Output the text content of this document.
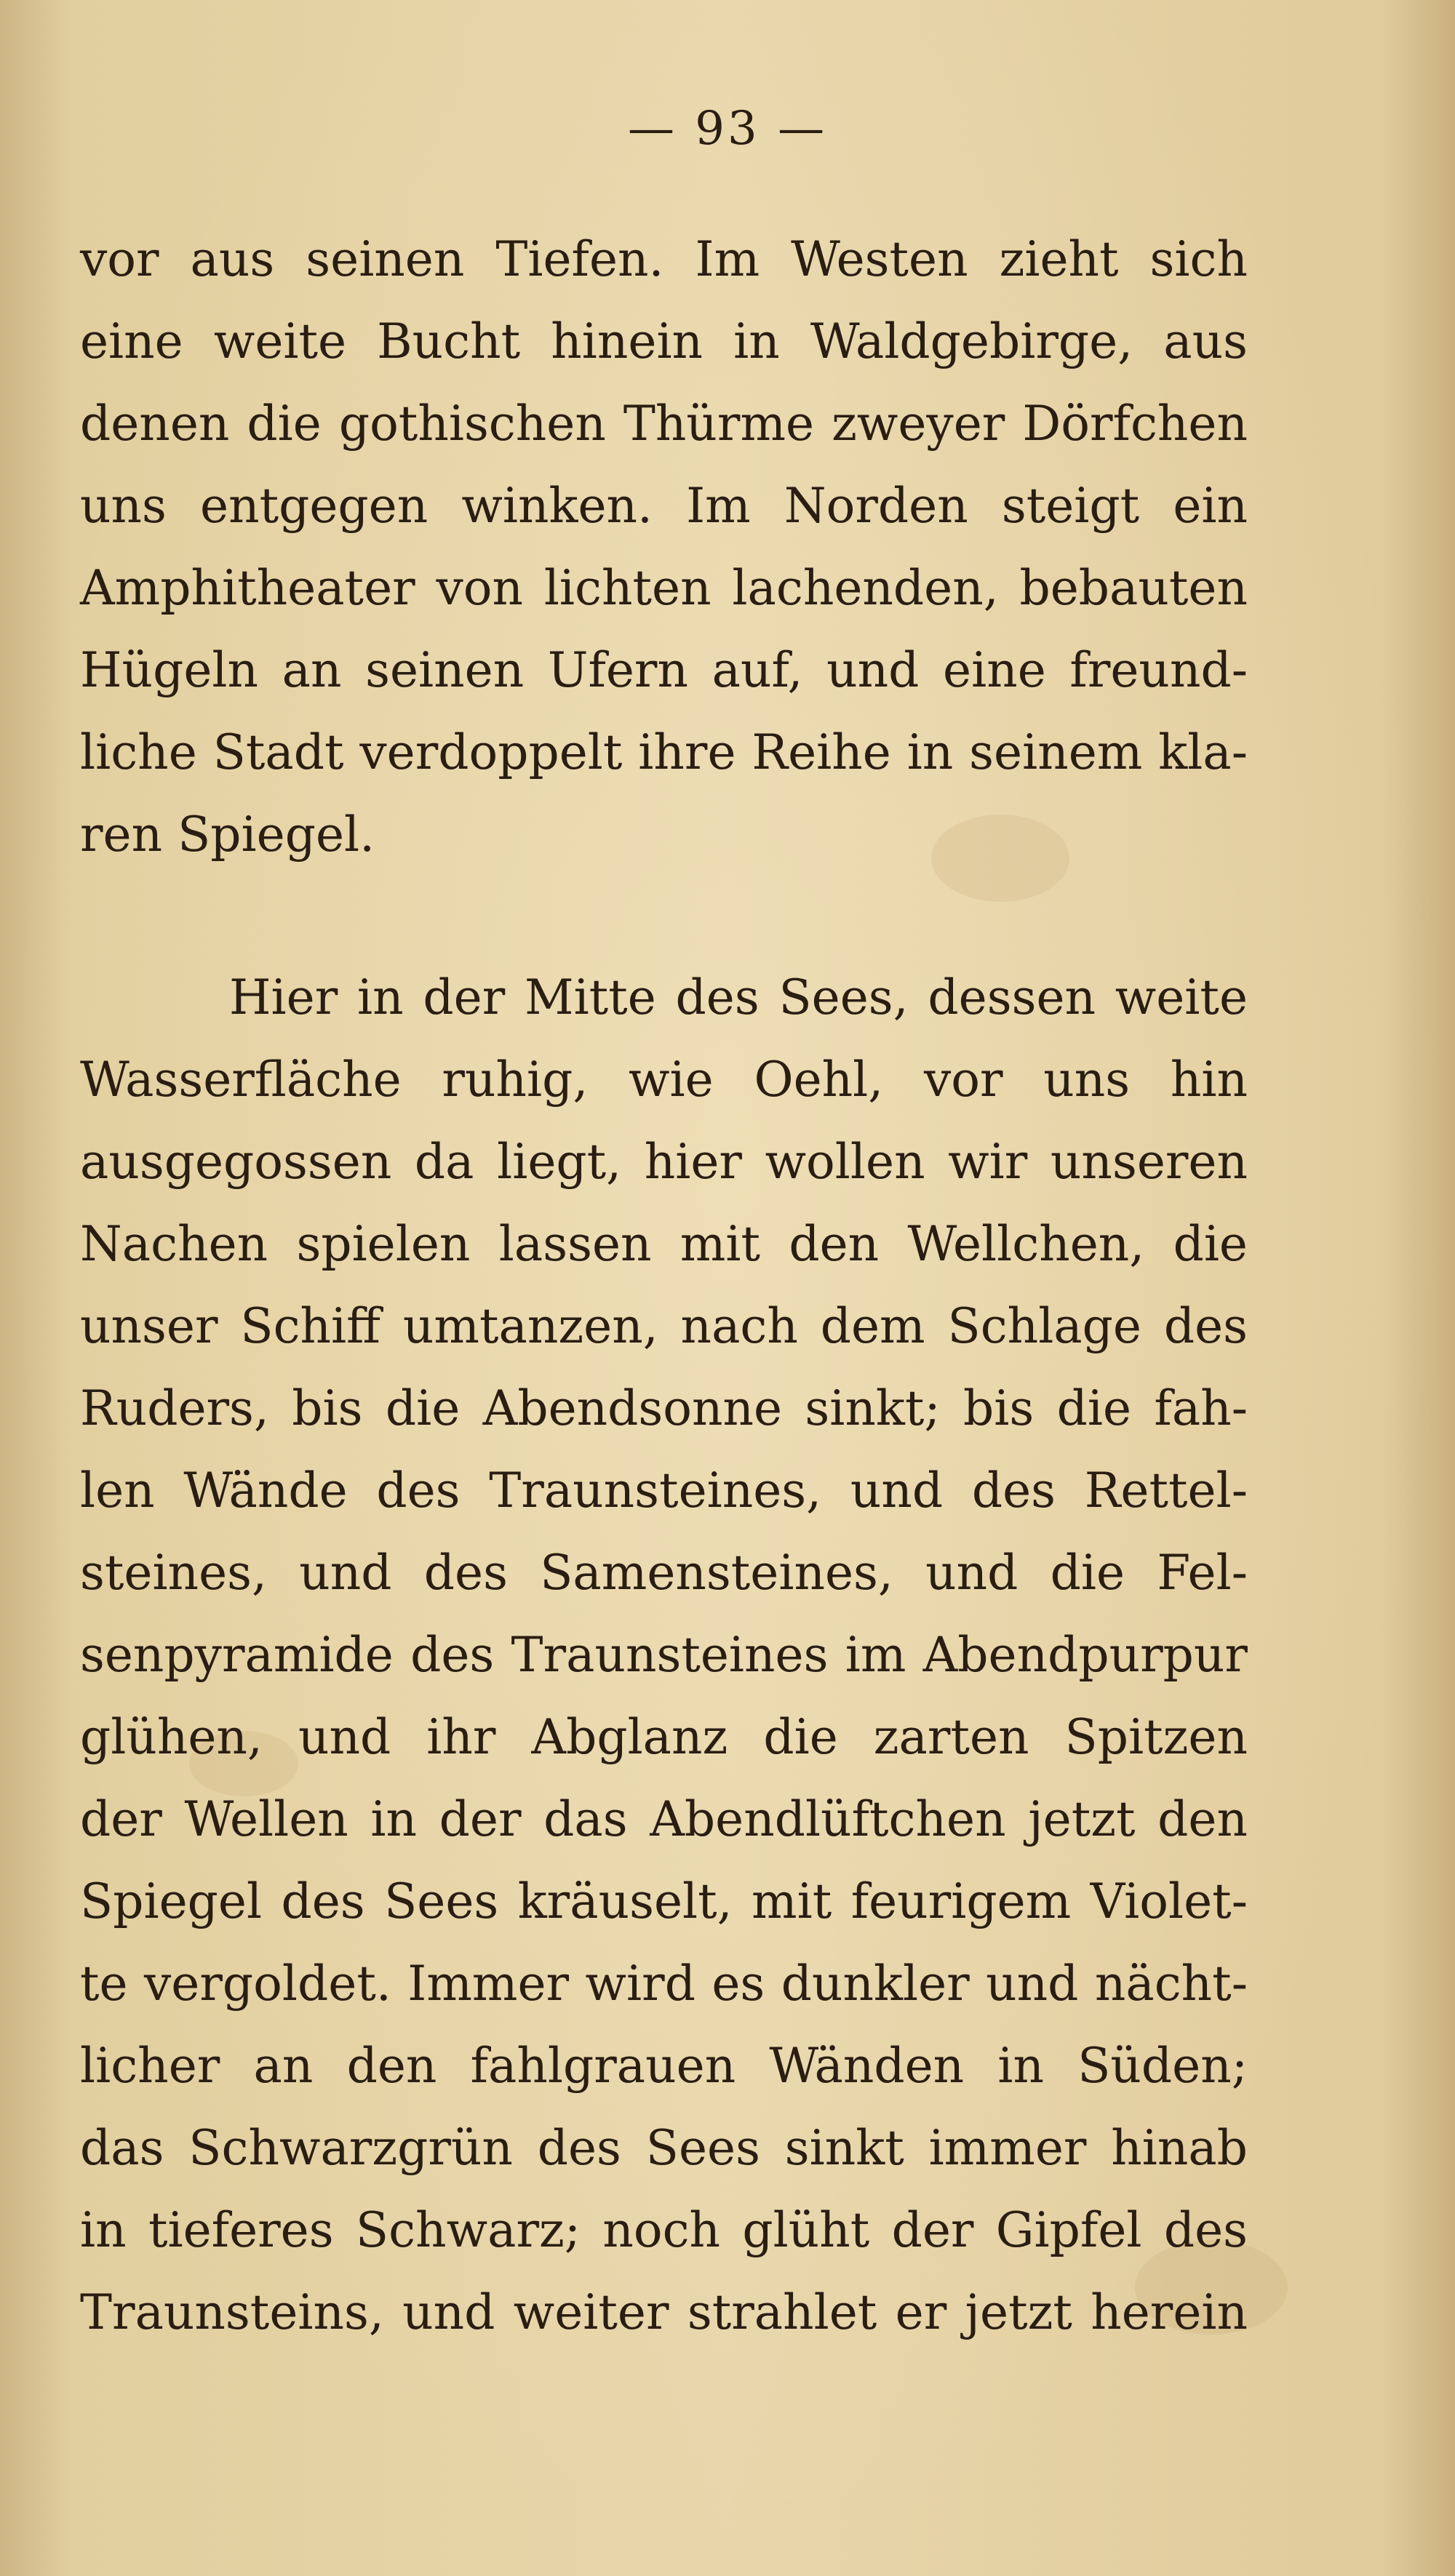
— 93 —
vor aus seinen Tiefen. Im Westen zieht sich
eine weite Bucht hinein in Waldgebirge, aus
denen die gothischen Thürme zweyer Dörfchen
uns entgegen winken. Im Norden steigt ein
Amphitheater von lichten lachenden, bebauten
Hügeln an seinen Ufern auf, und eine freund-
liche Stadt verdoppelt ihre Reihe in seinem kla-
ren Spiegel.
Hier in der Mitte des Sees, dessen weite
Wasserfläche ruhig, wie Oehl, vor uns hin
ausgegossen da liegt, hier wollen wir unseren
Nachen spielen lassen mit den Wellchen, die
unser Schiff umtanzen, nach dem Schlage des
Ruders, bis die Abendsonne sinkt; bis die fah-
len Wände des Traunsteines, und des Rettel-
steines, und des Samensteines, und die Fel-
senpyramide des Traunsteines im Abendpurpur
glühen, und ihr Abglanz die zarten Spitzen
der Wellen in der das Abendlüftchen jetzt den
Spiegel des Sees kräuselt, mit feurigem Violet-
te vergoldet. Immer wird es dunkler und nächt-
licher an den fahlgrauen Wänden in Süden;
das Schwarzgrün des Sees sinkt immer hinab
in tieferes Schwarz; noch glüht der Gipfel des
Traunsteins, und weiter strahlet er jetzt herein
